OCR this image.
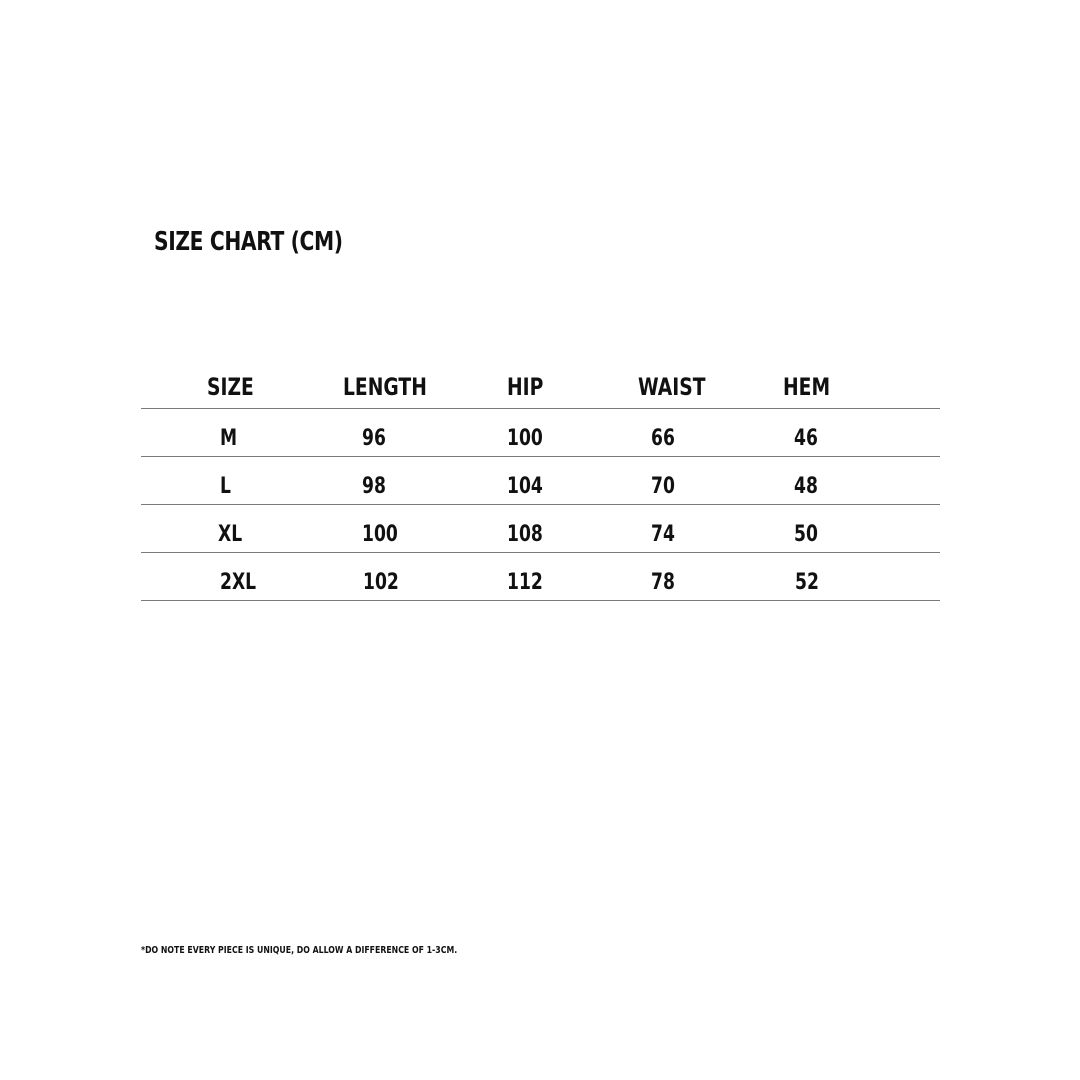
SIZE CHART (CM)
SIZE	LENGTH	HIP	WAIST	HEM
M	96	100	66	46
L	98	104	70	48
XL	100	108	74	50
2XL	102	112	78	52

*DO NOTE EVERY PIECE IS UNIQUE, DO ALLOW A DIFFERENCE OF 1-3CM.
